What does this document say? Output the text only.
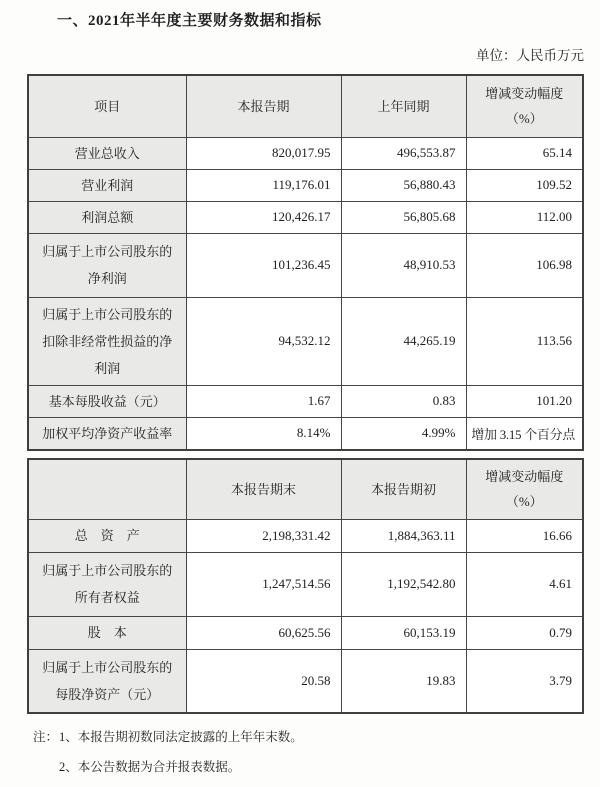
一、2021年半年度主要财务数据和指标
单位：人民币万元
项目	本报告期	上年同期	增减变动幅度
（%）

营业总收入	820,017.95	496,553.87	65.14
营业利润	119,176.01	56,880.43	109.52
利润总额	120,426.17	56,805.68	112.00
归属于上市公司股东的净利润	101,236.45	48,910.53	106.98
归属于上市公司股东的扣除非经常性损益的净利润	94,532.12	44,265.19	113.56
基本每股收益（元）	1.67	0.83	101.20
加权平均净资产收益率	8.14%	4.99%	增加 3.15 个百分点
	本报告期末	本报告期初	增减变动幅度
（%）

总　资　产	2,198,331.42	1,884,363.11	16.66
归属于上市公司股东的所有者权益	1,247,514.56	1,192,542.80	4.61
股　本	60,625.56	60,153.19	0.79
归属于上市公司股东的每股净资产（元）	20.58	19.83	3.79
注： 1、本报告期初数同法定披露的上年年末数。
2、本公告数据为合并报表数据。
